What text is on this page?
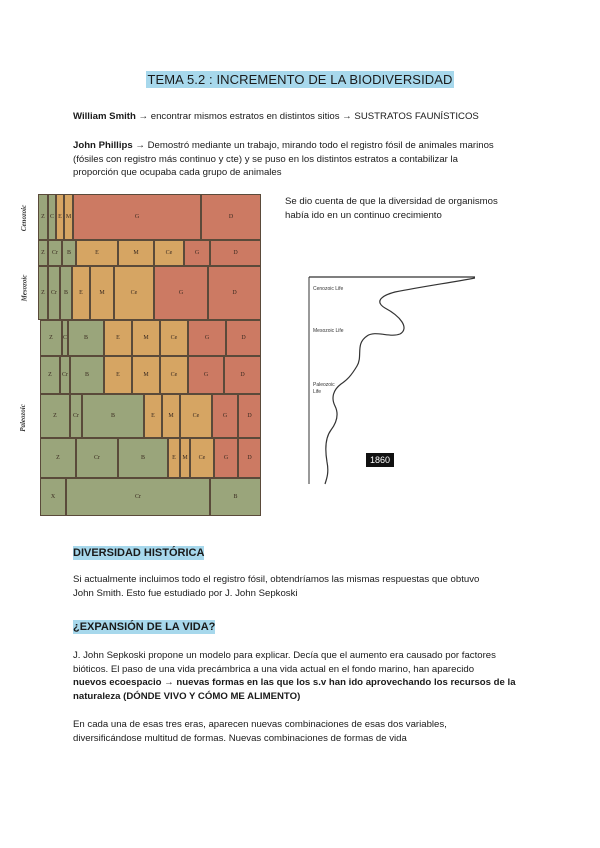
TEMA 5.2 : INCREMENTO DE LA BIODIVERSIDAD
William Smith → encontrar mismos estratos en distintos sitios → SUSTRATOS FAUNÍSTICOS
John Phillips → Demostró mediante un trabajo, mirando todo el registro fósil de animales marinos
(fósiles con registro más continuo y cte) y se puso en los distintos estratos a contabilizar la
proporción que ocupaba cada grupo de animales
Cenozoic
Mesozoic
Paleozoic
Z C E M	G	D
Z	Cr	B	E	M	Ce	G	D
Z	Cr	B	E	M	Ce	G	D
Z	C	B	E	M	Ce	G	D
Z	Cr	B	E	M	Ce	G	D
Z	Cr	B	E	M	Ce	G	D
Z	Cr	B	E	M	Ce	G	D
X	Cr	B
Se dio cuenta de que la diversidad de organismos
había ido en un continuo crecimiento
Cenozoic Life
Mesozoic Life
Paleozoic
Life
1860
DIVERSIDAD HISTÓRICA
Si actualmente incluimos todo el registro fósil, obtendríamos las mismas respuestas que obtuvo
John Smith. Esto fue estudiado por J. John Sepkoski
¿EXPANSIÓN DE LA VIDA?
J. John Sepkoski propone un modelo para explicar. Decía que el aumento era causado por factores
bióticos. El paso de una vida precámbrica a una vida actual en el fondo marino, han aparecido
nuevos ecoespacio → nuevas formas en las que los s.v han ido aprovechando los recursos de la
naturaleza (DÓNDE VIVO Y CÓMO ME ALIMENTO)
En cada una de esas tres eras, aparecen nuevas combinaciones de esas dos variables,
diversificándose multitud de formas. Nuevas combinaciones de formas de vida
